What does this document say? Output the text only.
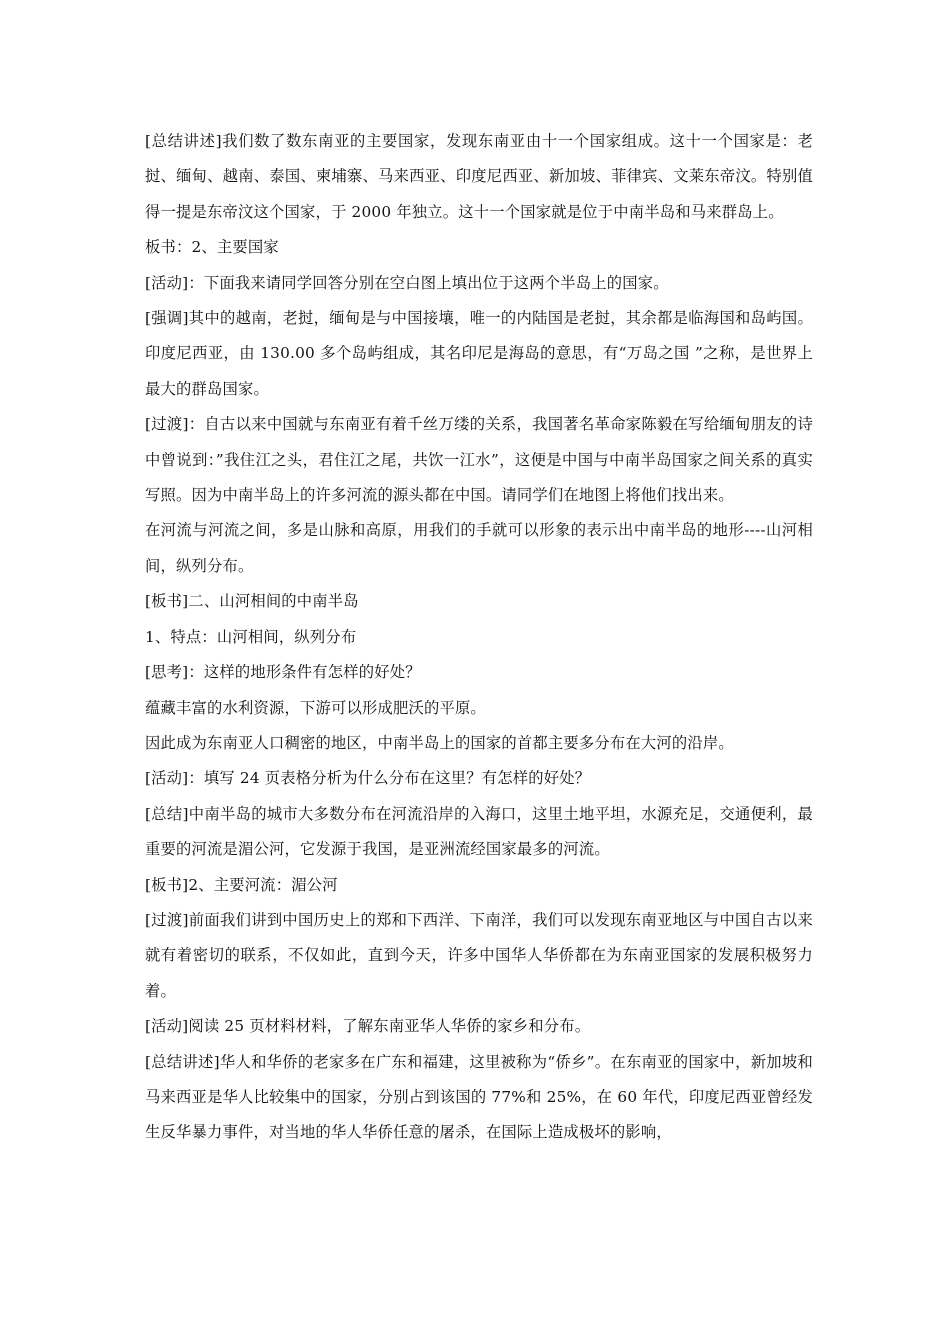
[总结讲述]我们数了数东南亚的主要国家，发现东南亚由十一个国家组成。这十一个国家是：老挝、缅甸、越南、泰国、柬埔寨、马来西亚、印度尼西亚、新加坡、菲律宾、文莱东帝汶。特别值得一提是东帝汶这个国家，于 2000 年独立。这十一个国家就是位于中南半岛和马来群岛上。

板书：2、主要国家

[活动]：下面我来请同学回答分别在空白图上填出位于这两个半岛上的国家。

[强调]其中的越南，老挝，缅甸是与中国接壤，唯一的内陆国是老挝，其余都是临海国和岛屿国。印度尼西亚，由 130.00 多个岛屿组成，其名印尼是海岛的意思，有“万岛之国 ”之称，是世界上最大的群岛国家。

[过渡]：自古以来中国就与东南亚有着千丝万缕的关系，我国著名革命家陈毅在写给缅甸朋友的诗中曾说到：”我住江之头，君住江之尾，共饮一江水”，这便是中国与中南半岛国家之间关系的真实写照。因为中南半岛上的许多河流的源头都在中国。请同学们在地图上将他们找出来。

在河流与河流之间，多是山脉和高原，用我们的手就可以形象的表示出中南半岛的地形----山河相间，纵列分布。

[板书]二、山河相间的中南半岛

1、特点：山河相间，纵列分布

[思考]：这样的地形条件有怎样的好处？

蕴藏丰富的水利资源，下游可以形成肥沃的平原。

因此成为东南亚人口稠密的地区，中南半岛上的国家的首都主要多分布在大河的沿岸。

[活动]：填写 24 页表格分析为什么分布在这里？有怎样的好处？

[总结]中南半岛的城市大多数分布在河流沿岸的入海口，这里土地平坦，水源充足，交通便利，最重要的河流是湄公河，它发源于我国，是亚洲流经国家最多的河流。

[板书]2、主要河流：湄公河

[过渡]前面我们讲到中国历史上的郑和下西洋、下南洋，我们可以发现东南亚地区与中国自古以来就有着密切的联系，不仅如此，直到今天，许多中国华人华侨都在为东南亚国家的发展积极努力着。

[活动]阅读 25 页材料材料，了解东南亚华人华侨的家乡和分布。

[总结讲述]华人和华侨的老家多在广东和福建，这里被称为“侨乡”。在东南亚的国家中，新加坡和马来西亚是华人比较集中的国家，分别占到该国的 77%和 25%，在 60 年代，印度尼西亚曾经发生反华暴力事件，对当地的华人华侨任意的屠杀，在国际上造成极坏的影响，
